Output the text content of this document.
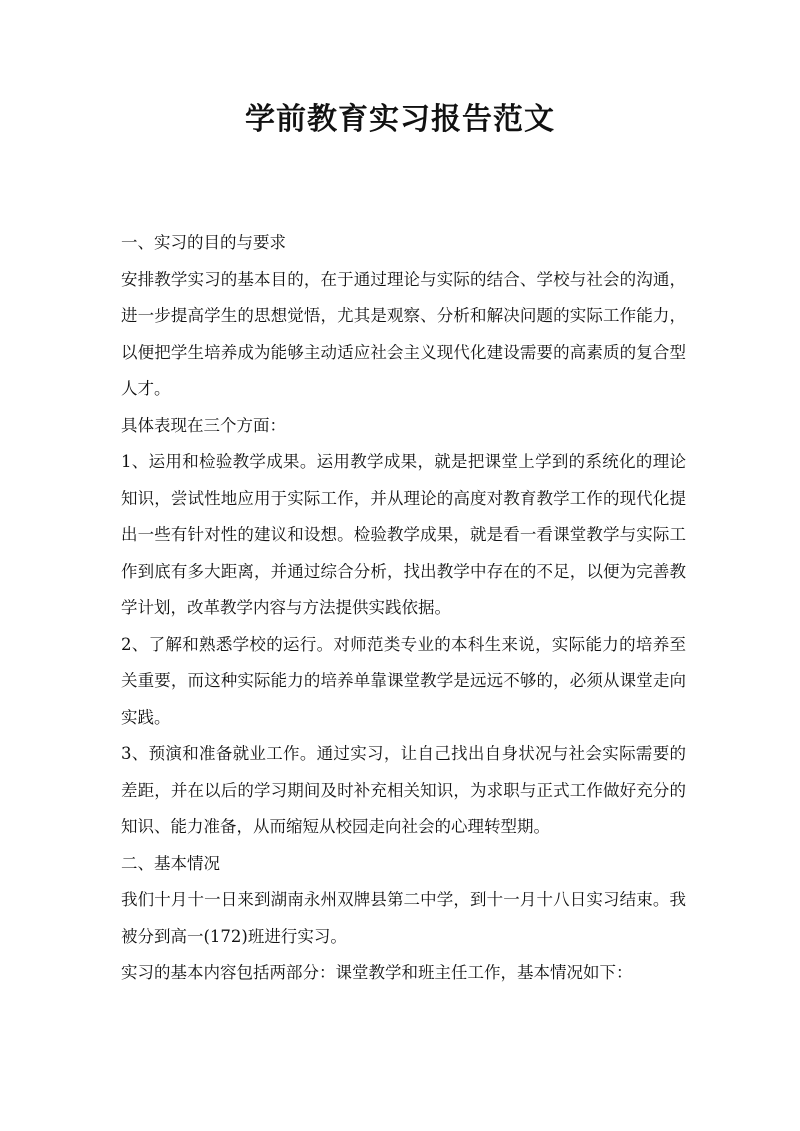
学前教育实习报告范文

一、实习的目的与要求

安排教学实习的基本目的，在于通过理论与实际的结合、学校与社会的沟通，进一步提高学生的思想觉悟，尤其是观察、分析和解决问题的实际工作能力，以便把学生培养成为能够主动适应社会主义现代化建设需要的高素质的复合型人才。

具体表现在三个方面：

1、运用和检验教学成果。运用教学成果，就是把课堂上学到的系统化的理论知识，尝试性地应用于实际工作，并从理论的高度对教育教学工作的现代化提出一些有针对性的建议和设想。检验教学成果，就是看一看课堂教学与实际工作到底有多大距离，并通过综合分析，找出教学中存在的不足，以便为完善教学计划，改革教学内容与方法提供实践依据。

2、了解和熟悉学校的运行。对师范类专业的本科生来说，实际能力的培养至关重要，而这种实际能力的培养单靠课堂教学是远远不够的，必须从课堂走向实践。

3、预演和准备就业工作。通过实习，让自己找出自身状况与社会实际需要的差距，并在以后的学习期间及时补充相关知识，为求职与正式工作做好充分的知识、能力准备，从而缩短从校园走向社会的心理转型期。

二、基本情况

我们十月十一日来到湖南永州双牌县第二中学，到十一月十八日实习结束。我被分到高一(172)班进行实习。

实习的基本内容包括两部分：课堂教学和班主任工作，基本情况如下：
